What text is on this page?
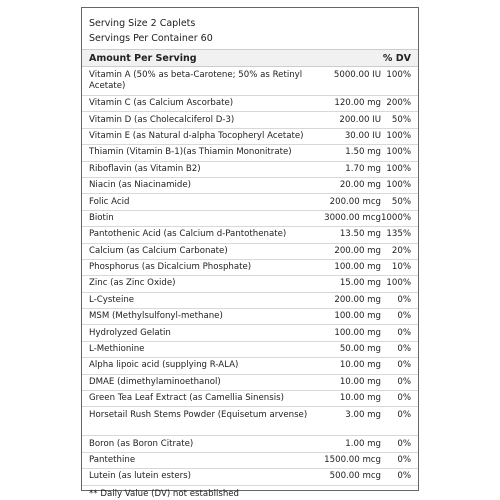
Serving Size 2 Caplets
Servings Per Container 60
Amount Per Serving	% DV
Vitamin A (50% as beta-Carotene; 50% as Retinyl Acetate)
5000.00 IU 100%
Vitamin C (as Calcium Ascorbate)	120.00 mg 200%
Vitamin D (as Cholecalciferol D-3)	200.00 IU	50%
Vitamin E (as Natural d-alpha Tocopheryl Acetate)	30.00 IU 100%
Thiamin (Vitamin B-1)(as Thiamin Mononitrate)	1.50 mg 100%
Riboflavin (as Vitamin B2)	1.70 mg 100%
Niacin (as Niacinamide)	20.00 mg 100%
Folic Acid	200.00 mcg	50%
Biotin	3000.00 mcg 1000%
Pantothenic Acid (as Calcium d-Pantothenate)	13.50 mg 135%
Calcium (as Calcium Carbonate)	200.00 mg	20%
Phosphorus (as Dicalcium Phosphate)	100.00 mg	10%
Zinc (as Zinc Oxide)	15.00 mg 100%
L-Cysteine	200.00 mg	0%
MSM (Methylsulfonyl-methane)	100.00 mg	0%
Hydrolyzed Gelatin	100.00 mg	0%
L-Methionine	50.00 mg	0%
Alpha lipoic acid (supplying R-ALA)	10.00 mg	0%
DMAE (dimethylaminoethanol)	10.00 mg	0%
Green Tea Leaf Extract (as Camellia Sinensis)	10.00 mg	0%
Horsetail Rush Stems Powder (Equisetum arvense)	3.00 mg	0%
Boron (as Boron Citrate)	1.00 mg	0%
Pantethine	1500.00 mcg	0%
Lutein (as lutein esters)	500.00 mcg	0%
** Daily Value (DV) not established
